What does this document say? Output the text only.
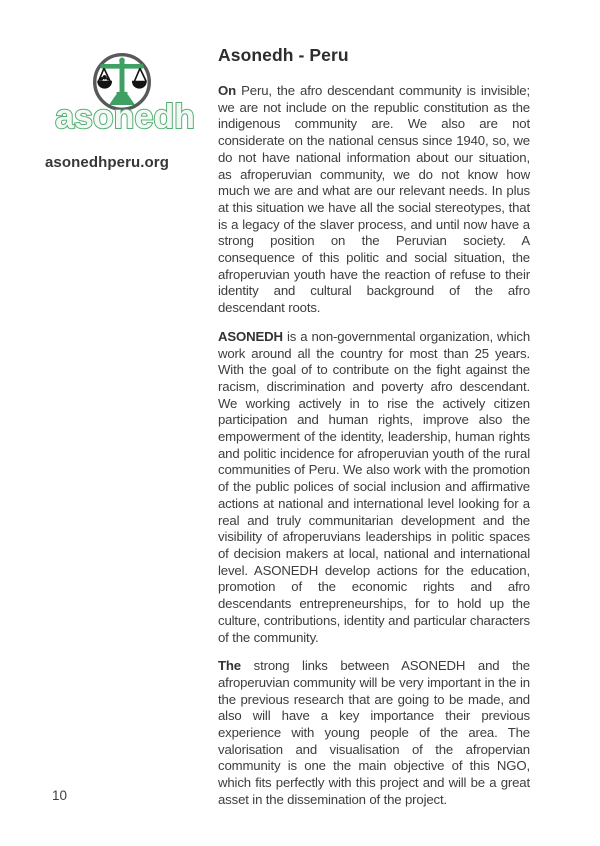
asonedh
asonedhperu.org
Asonedh - Peru

On Peru, the afro descendant community is invisible; we are not include on the republic constitution as the indigenous community are. We also are not considerate on the national census since 1940, so, we do not have national information about our situation, as afroperuvian community, we do not know how much we are and what are our relevant needs. In plus at this situation we have all the social stereotypes, that is a legacy of the slaver process, and until now have a strong position on the Peruvian society. A consequence of this politic and social situation, the afroperuvian youth have the reaction of refuse to their identity and cultural background of the afro descendant roots.

ASONEDH is a non-governmental organization, which work around all the country for most than 25 years. With the goal of to contribute on the fight against the racism, discrimination and poverty afro descendant. We working actively in to rise the actively citizen participation and human rights, improve also the empowerment of the identity, leadership, human rights and politic incidence for afroperuvian youth of the rural communities of Peru. We also work with the promotion of the public polices of social inclusion and affirmative actions at national and international level looking for a real and truly communitarian development and the visibility of afroperuvians leaderships in politic spaces of decision makers at local, national and international level. ASONEDH develop actions for the education, promotion of the economic rights and afro descendants entrepreneurships, for to hold up the culture, contributions, identity and particular characters of the community.

The strong links between ASONEDH and the afroperuvian community will be very important in the in the previous research that are going to be made, and also will have a key importance their previous experience with young people of the area. The valorisation and visualisation of the afropervian community is one the main objective of this NGO, which fits perfectly with this project and will be a great asset in the dissemination of the project.

10
